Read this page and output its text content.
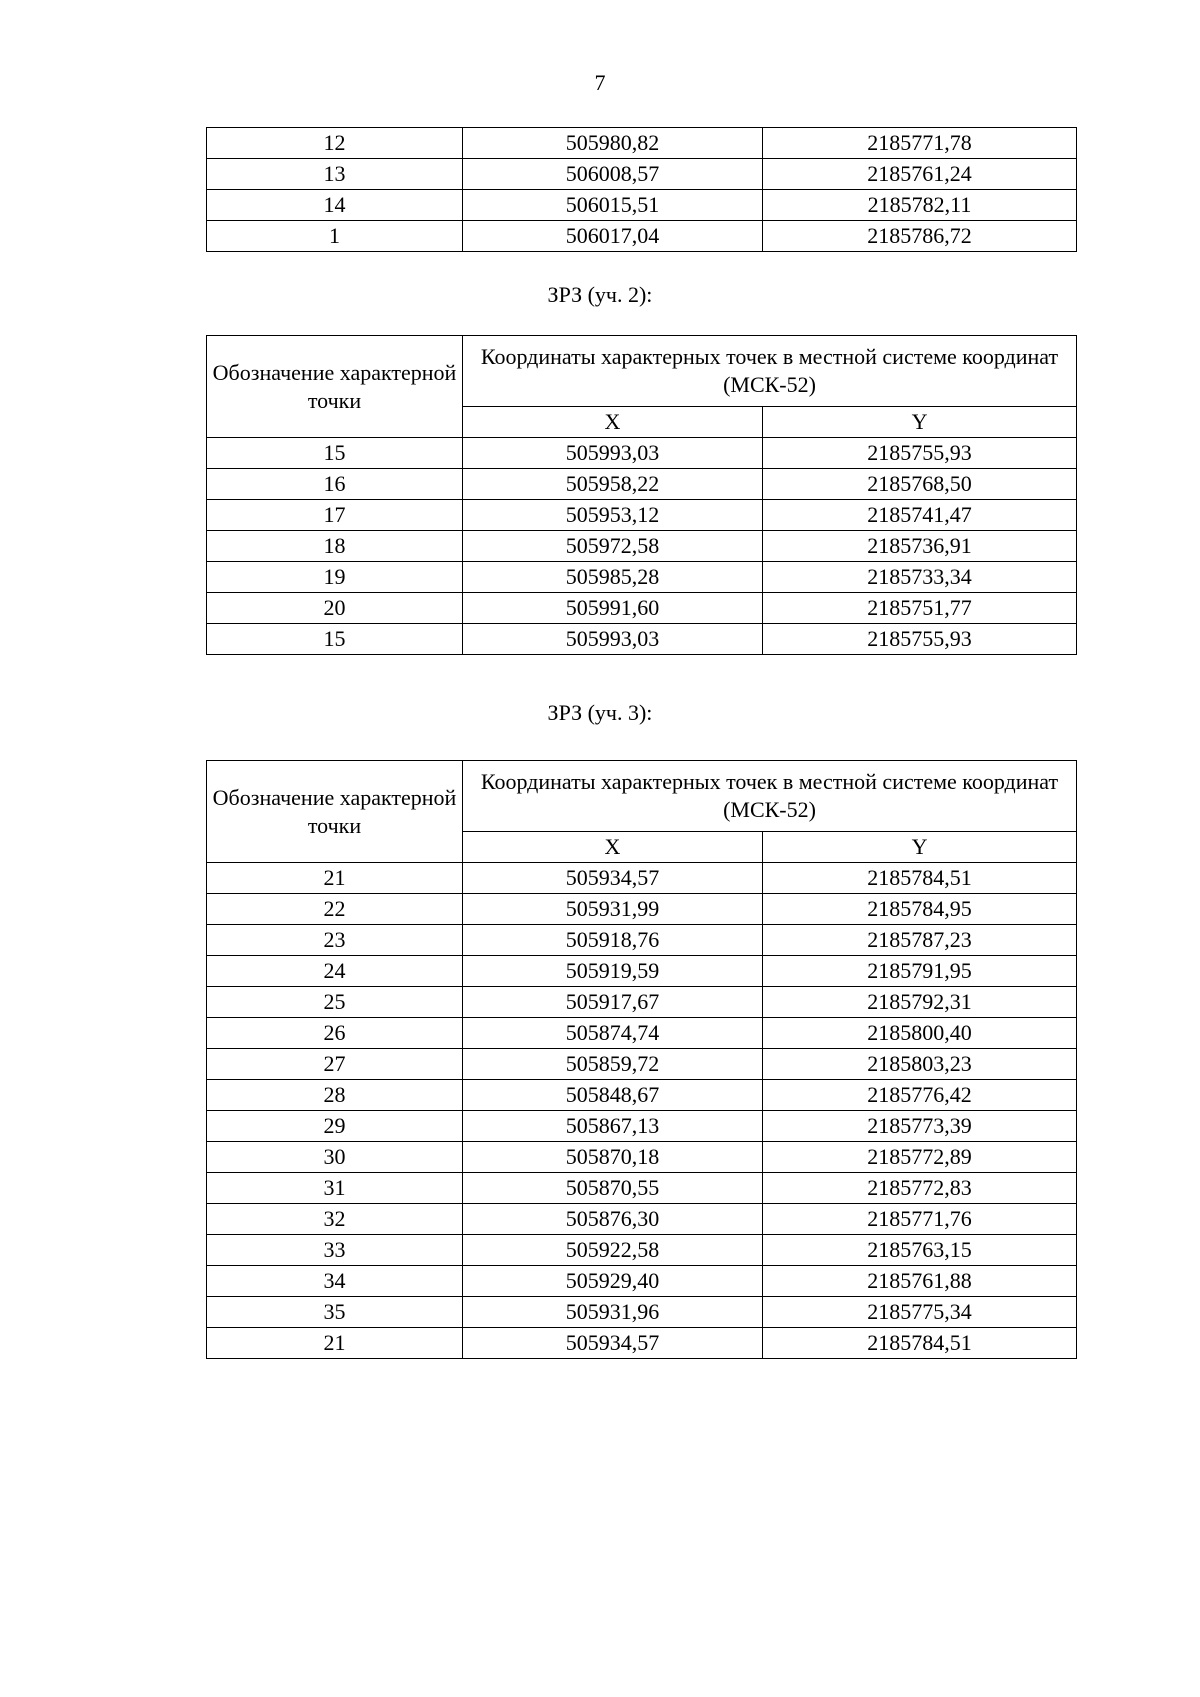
7
12	505980,82	2185771,78
13	506008,57	2185761,24
14	506015,51	2185782,11
1	506017,04	2185786,72
ЗРЗ (уч. 2):
Обозначение характерной точки	Координаты характерных точек в местной системе координат (МСК-52)	
	X	Y
15	505993,03	2185755,93
16	505958,22	2185768,50
17	505953,12	2185741,47
18	505972,58	2185736,91
19	505985,28	2185733,34
20	505991,60	2185751,77
15	505993,03	2185755,93
ЗРЗ (уч. 3):
Обозначение характерной точки	Координаты характерных точек в местной системе координат (МСК-52)	
	X	Y
21	505934,57	2185784,51
22	505931,99	2185784,95
23	505918,76	2185787,23
24	505919,59	2185791,95
25	505917,67	2185792,31
26	505874,74	2185800,40
27	505859,72	2185803,23
28	505848,67	2185776,42
29	505867,13	2185773,39
30	505870,18	2185772,89
31	505870,55	2185772,83
32	505876,30	2185771,76
33	505922,58	2185763,15
34	505929,40	2185761,88
35	505931,96	2185775,34
21	505934,57	2185784,51
